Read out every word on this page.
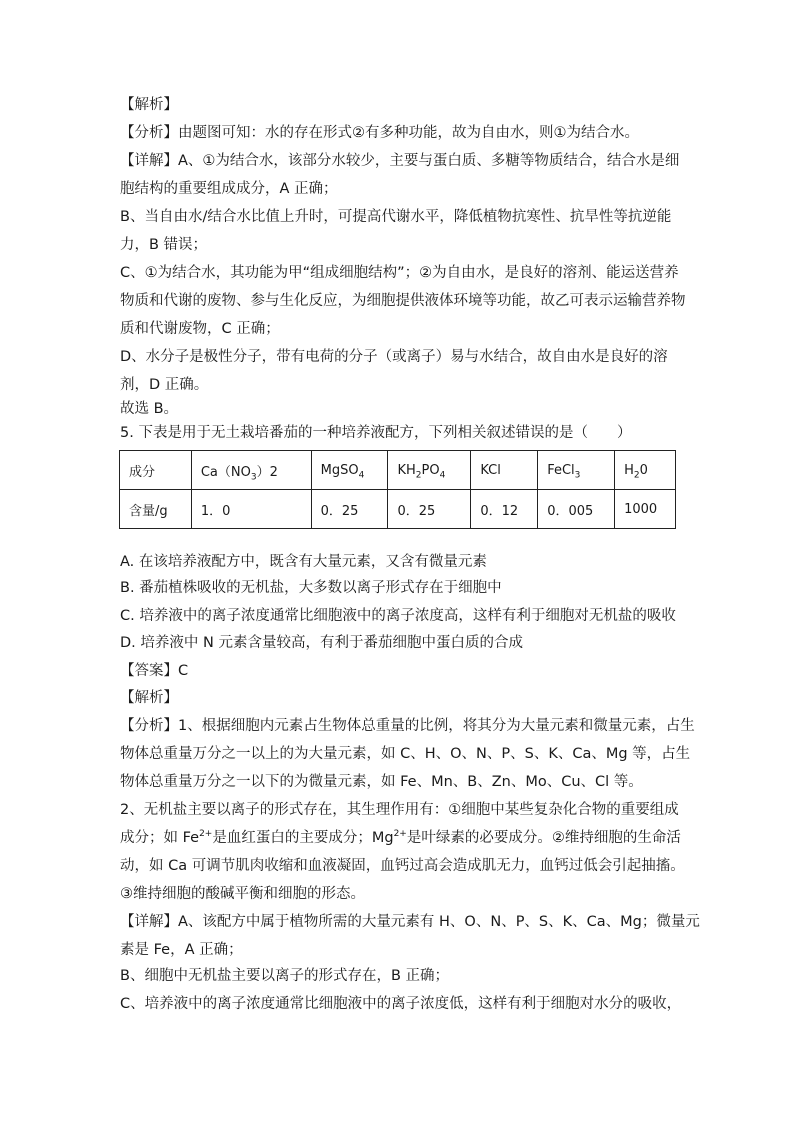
【解析】
【分析】由题图可知：水的存在形式②有多种功能，故为自由水，则①为结合水。
【详解】A、①为结合水，该部分水较少，主要与蛋白质、多糖等物质结合，结合水是细
胞结构的重要组成成分，A 正确；
B、当自由水/结合水比值上升时，可提高代谢水平，降低植物抗寒性、抗旱性等抗逆能
力，B 错误；
C、①为结合水，其功能为甲“组成细胞结构”；②为自由水，是良好的溶剂、能运送营养
物质和代谢的废物、参与生化反应，为细胞提供液体环境等功能，故乙可表示运输营养物
质和代谢废物，C 正确；
D、水分子是极性分子，带有电荷的分子（或离子）易与水结合，故自由水是良好的溶
剂，D 正确。
故选 B。
5. 下表是用于无土栽培番茄的一种培养液配方，下列相关叙述错误的是（　　）
成分	$Ca(NO_3)2$	MgSO$_4$	$KH_2PO_4$	KCl	FeCl$_3$	$H_20$
含量/g	1．0	0．25	0．25	0．12	0．005	1000
A. 在该培养液配方中，既含有大量元素，又含有微量元素
B. 番茄植株吸收的无机盐，大多数以离子形式存在于细胞中
C. 培养液中的离子浓度通常比细胞液中的离子浓度高，这样有利于细胞对无机盐的吸收
D. 培养液中 N 元素含量较高，有利于番茄细胞中蛋白质的合成
【答案】C
【解析】
【分析】1、根据细胞内元素占生物体总重量的比例，将其分为大量元素和微量元素，占生
物体总重量万分之一以上的为大量元素，如 C、H、O、N、P、S、K、Ca、Mg 等，占生
物体总重量万分之一以下的为微量元素，如 Fe、Mn、B、Zn、Mo、Cu、Cl 等。
2、无机盐主要以离子的形式存在，其生理作用有：①细胞中某些复杂化合物的重要组成
成分；如 $Fe^{2+}$是血红蛋白的主要成分；$Mg^{2+}$是叶绿素的必要成分。②维持细胞的生命活
动，如 Ca 可调节肌肉收缩和血液凝固，血钙过高会造成肌无力，血钙过低会引起抽搐。
③维持细胞的酸碱平衡和细胞的形态。
【详解】A、该配方中属于植物所需的大量元素有 H、O、N、P、S、K、Ca、Mg；微量元
素是 Fe，A 正确；
B、细胞中无机盐主要以离子的形式存在，B 正确；
C、培养液中的离子浓度通常比细胞液中的离子浓度低，这样有利于细胞对水分的吸收，
